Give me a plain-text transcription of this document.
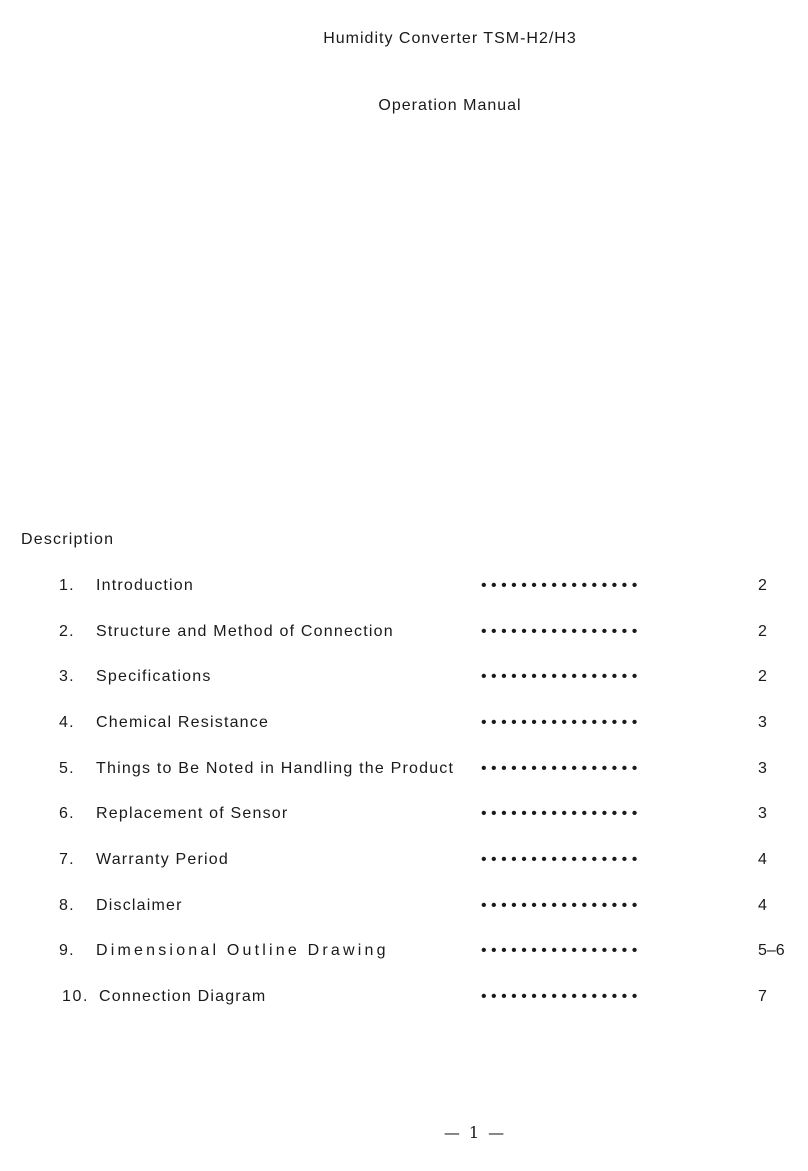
Humidity Converter TSM-H2/H3
Operation Manual
Description
1. Introduction	• • • • • • • • • • • • • • • •	2
2. Structure and Method of Connection	• • • • • • • • • • • • • • • •	2
3. Specifications	• • • • • • • • • • • • • • • •	2
4. Chemical Resistance	• • • • • • • • • • • • • • • •	3
5. Things to Be Noted in Handling the Product • • • • • • • • • • • • • • • •	3
6. Replacement of Sensor	• • • • • • • • • • • • • • • •	3
7. Warranty Period	• • • • • • • • • • • • • • • •	4
8. Disclaimer	• • • • • • • • • • • • • • • •	4
9. Dimensional Outline Drawing	• • • • • • • • • • • • • • • •	5–6
10. Connection Diagram	• • • • • • • • • • • • • • • •	7
— 1 —
